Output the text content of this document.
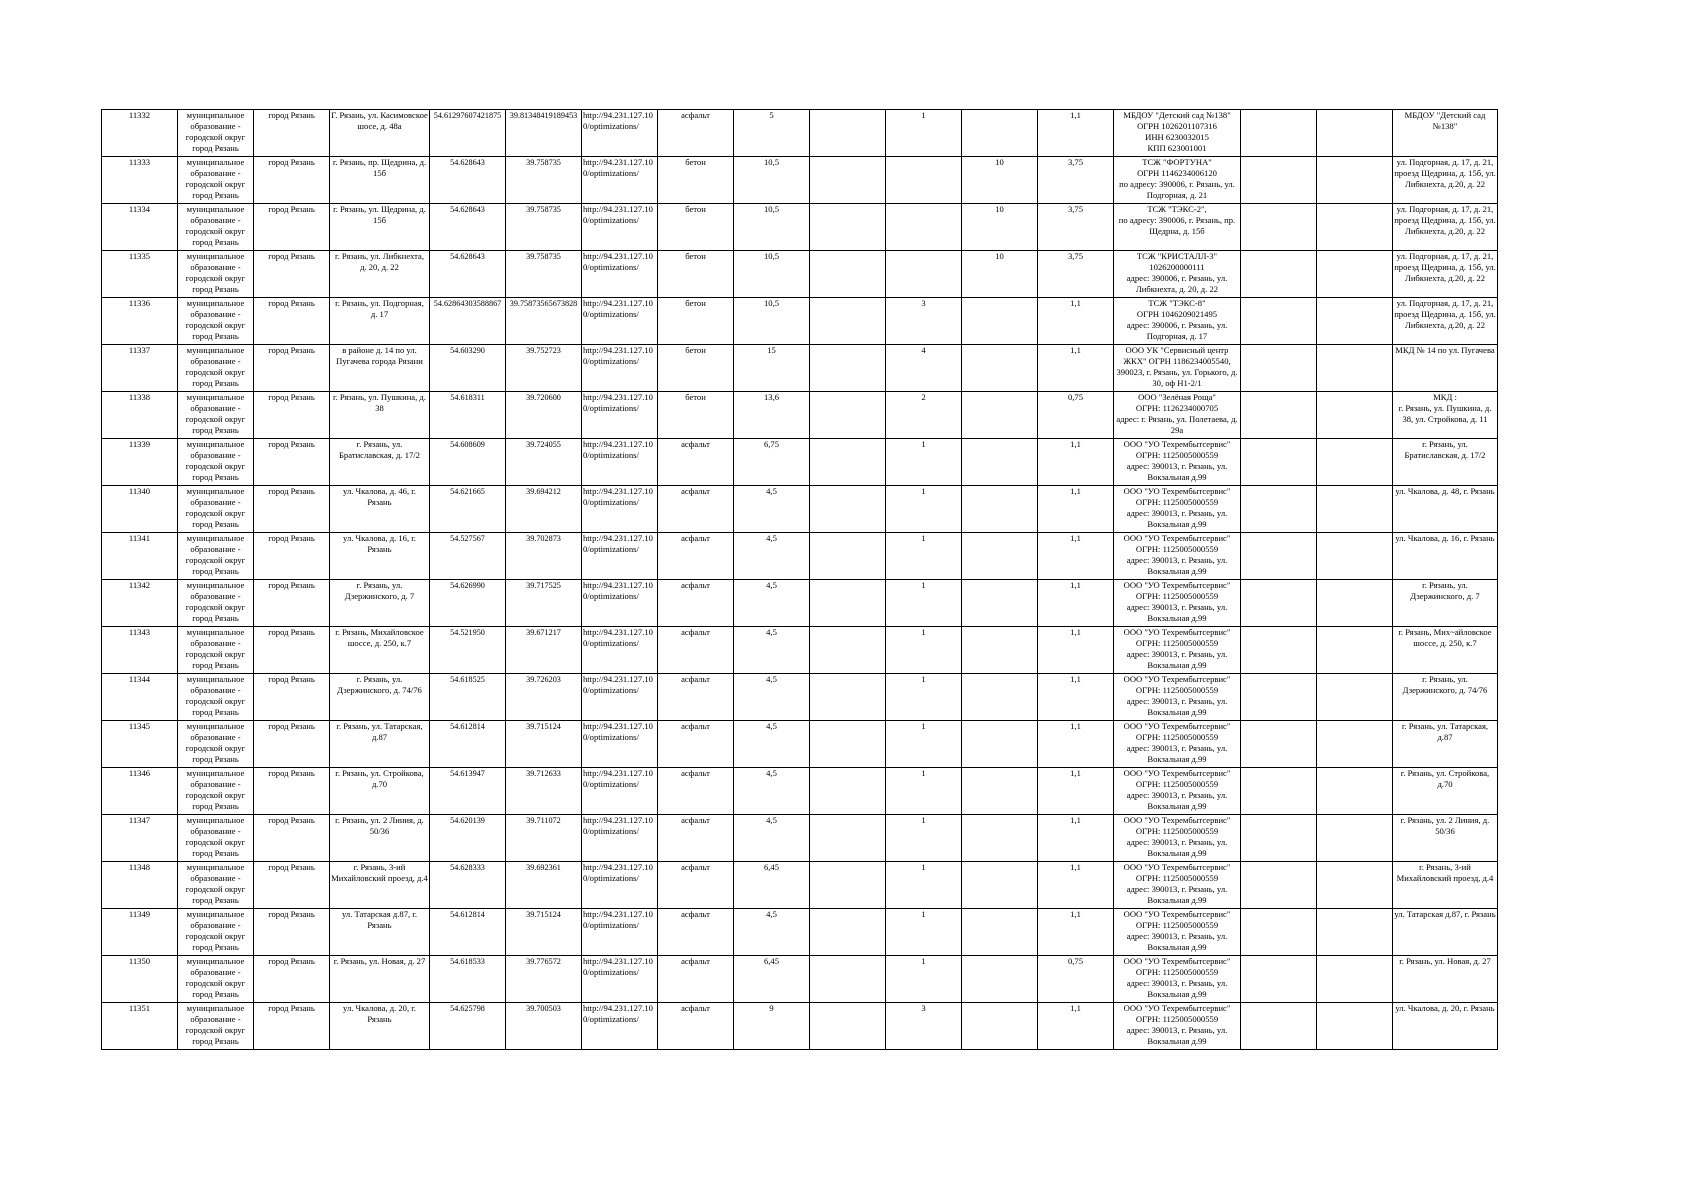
11332	муниципальное образование - городской округ город Рязань	город Рязань	Г. Рязань, ул. Касимовское шосе, д. 48а	54.61297607421875	39.81348419189453	http://94.231.127.10 0/optimizations/	асфальт	5		1		1,1	МБДОУ "Детский сад №138"
ОГРН 1026201107316
ИНН 6230032015
КПП 623001001			МБДОУ "Детский сад №138"
11333	муниципальное образование - городской округ город Рязань	город Рязань	г. Рязань, пр. Щедрина, д. 15б	54.628643	39.758735	http://94.231.127.10 0/optimizations/	бетон	10,5			10	3,75	ТСЖ "ФОРТУНА"
ОГРН 1146234006120
по адресу: 390006, г. Рязань, ул. Подгорная, д. 21			ул. Подгорная, д. 17, д. 21, проезд Щедрина, д. 15б, ул. Либкнехта, д.20, д. 22
11334	муниципальное образование - городской округ город Рязань	город Рязань	г. Рязань, ул. Щедрина, д. 15б	54.628643	39.758735	http://94.231.127.10 0/optimizations/	бетон	10,5			10	3,75	ТСЖ "ТЭКС-2",
по адресу: 390006, г. Рязань, пр. Щедрна, д. 15б			ул. Подгорная, д. 17, д. 21, проезд Щедрина, д. 15б, ул. Либкнехта, д.20, д. 22
11335	муниципальное образование - городской округ город Рязань	город Рязань	г. Рязань, ул. Либкнехта, д. 20, д. 22	54.628643	39.758735	http://94.231.127.10 0/optimizations/	бетон	10,5			10	3,75	ТСЖ "КРИСТАЛЛ-3"
1026200000111
адрес: 390006, г. Рязань, ул. Либкнехта, д. 20, д. 22			ул. Подгорная, д. 17, д. 21, проезд Щедрина, д. 15б, ул. Либкнехта, д.20, д. 22
11336	муниципальное образование - городской округ город Рязань	город Рязань	г. Рязань, ул. Подгорная, д. 17	54.62864303588867	39.75873565673828	http://94.231.127.10 0/optimizations/	бетон	10,5		3		1,1	ТСЖ "ТЭКС-8"
ОГРН 1046209021495
адрес: 390006, г. Рязань, ул. Подгорная, д. 17			ул. Подгорная, д. 17, д. 21, проезд Щедрина, д. 15б, ул. Либкнехта, д.20, д. 22
11337	муниципальное образование - городской округ город Рязань	город Рязань	в районе д. 14 по ул. Пугачева города Рязани	54.603290	39.752723	http://94.231.127.10 0/optimizations/	бетон	15		4		1,1	ООО УК "Сервисный центр ЖКХ" ОГРН 1186234005540, 390023, г. Рязань, ул. Горького, д. 30, оф Н1-2/1			МКД № 14 по ул. Пугачева
11338	муниципальное образование - городской округ город Рязань	город Рязань	г. Рязань, ул. Пушкина, д. 38	54.618311	39.720600	http://94.231.127.10 0/optimizations/	бетон	13,6		2		0,75	ООО "Зелёная Роща"
ОГРН: 1126234000705
адрес: г. Рязань, ул. Полетаева, д. 29а			МКД :
г. Рязань, ул. Пушкина, д. 38, ул. Стройкова, д. 11
11339	муниципальное образование - городской округ город Рязань	город Рязань	г. Рязань, ул. Братиславская, д. 17/2	54.608609	39.724055	http://94.231.127.10 0/optimizations/	асфальт	6,75		1		1,1	ООО "УО Техрембытсервис"
ОГРН: 1125005000559
адрес: 390013, г. Рязань, ул. Вокзальная д.99			г. Рязань, ул. Братиславская, д. 17/2
11340	муниципальное образование - городской округ город Рязань	город Рязань	ул. Чкалова, д. 46, г. Рязань	54.621665	39.694212	http://94.231.127.10 0/optimizations/	асфальт	4,5		1		1,1	ООО "УО Техрембытсервис"
ОГРН: 1125005000559
адрес: 390013, г. Рязань, ул. Вокзальная д.99			ул. Чкалова, д. 48, г. Рязань
11341	муниципальное образование - городской округ город Рязань	город Рязань	ул. Чкалова, д. 16, г. Рязань	54.527567	39.702873	http://94.231.127.10 0/optimizations/	асфальт	4,5		1		1,1	ООО "УО Техрембытсервис"
ОГРН: 1125005000559
адрес: 390013, г. Рязань, ул. Вокзальная д.99			ул. Чкалова, д. 16, г. Рязань
11342	муниципальное образование - городской округ город Рязань	город Рязань	г. Рязань, ул. Дзержинского, д. 7	54.626990	39.717525	http://94.231.127.10 0/optimizations/	асфальт	4,5		1		1,1	ООО "УО Техрембытсервис"
ОГРН: 1125005000559
адрес: 390013, г. Рязань, ул. Вокзальная д.99			г. Рязань, ул. Дзержинского, д. 7
11343	муниципальное образование - городской округ город Рязань	город Рязань	г. Рязань, Михайловское шоссе, д. 250, к.7	54.521950	39.671217	http://94.231.127.10 0/optimizations/	асфальт	4,5		1		1,1	ООО "УО Техрембытсервис"
ОГРН: 1125005000559
адрес: 390013, г. Рязань, ул. Вокзальная д.99			г. Рязань, Мих~айловское шоссе, д. 250, к.7
11344	муниципальное образование - городской округ город Рязань	город Рязань	г. Рязань, ул. Дзержинского, д. 74/76	54.618525	39.726203	http://94.231.127.10 0/optimizations/	асфальт	4,5		1		1,1	ООО "УО Техрембытсервис"
ОГРН: 1125005000559
адрес: 390013, г. Рязань, ул. Вокзальная д.99			г. Рязань, ул. Дзержинского, д. 74/76
11345	муниципальное образование - городской округ город Рязань	город Рязань	г. Рязань, ул. Татарская, д.87	54.612814	39.715124	http://94.231.127.10 0/optimizations/	асфальт	4,5		1		1,1	ООО "УО Техрембытсервис"
ОГРН: 1125005000559
адрес: 390013, г. Рязань, ул. Вокзальная д.99			г. Рязань, ул. Татарская, д.87
11346	муниципальное образование - городской округ город Рязань	город Рязань	г. Рязань, ул. Стройкова, д.70	54.613947	39.712633	http://94.231.127.10 0/optimizations/	асфальт	4,5		1		1,1	ООО "УО Техрембытсервис"
ОГРН: 1125005000559
адрес: 390013, г. Рязань, ул. Вокзальная д.99			г. Рязань, ул. Стройкова, д.70
11347	муниципальное образование - городской округ город Рязань	город Рязань	г. Рязань, ул. 2 Линия, д. 50/36	54.620139	39.711072	http://94.231.127.10 0/optimizations/	асфальт	4,5		1		1,1	ООО "УО Техрембытсервис"
ОГРН: 1125005000559
адрес: 390013, г. Рязань, ул. Вокзальная д.99			г. Рязань, ул. 2 Линия, д. 50/36
11348	муниципальное образование - городской округ город Рязань	город Рязань	г. Рязань, 3-ий Михайловский проезд, д.4	54.628333	39.692361	http://94.231.127.10 0/optimizations/	асфальт	6,45		1		1,1	ООО "УО Техрембытсервис"
ОГРН: 1125005000559
адрес: 390013, г. Рязань, ул. Вокзальная д.99			г. Рязань, 3-ий Михайловский проезд, д.4
11349	муниципальное образование - городской округ город Рязань	город Рязань	ул. Татарская д.87, г. Рязань	54.612814	39.715124	http://94.231.127.10 0/optimizations/	асфальт	4,5		1		1,1	ООО "УО Техрембытсервис"
ОГРН: 1125005000559
адрес: 390013, г. Рязань, ул. Вокзальная д.99			ул. Татарская д.87, г. Рязань
11350	муниципальное образование - городской округ город Рязань	город Рязань	г. Рязань, ул. Новая, д. 27	54.618533	39.776572	http://94.231.127.10 0/optimizations/	асфальт	6,45		1		0,75	ООО "УО Техрембытсервис"
ОГРН: 1125005000559
адрес: 390013, г. Рязань, ул. Вокзальная д.99			г. Рязань, ул. Новая, д. 27
11351	муниципальное образование - городской округ город Рязань	город Рязань	ул. Чкалова, д. 20, г. Рязань	54.625798	39.700503	http://94.231.127.10 0/optimizations/	асфальт	9		3		1,1	ООО "УО Техрембытсервис"
ОГРН: 1125005000559
адрес: 390013, г. Рязань, ул. Вокзальная д.99			ул. Чкалова, д. 20, г. Рязань
